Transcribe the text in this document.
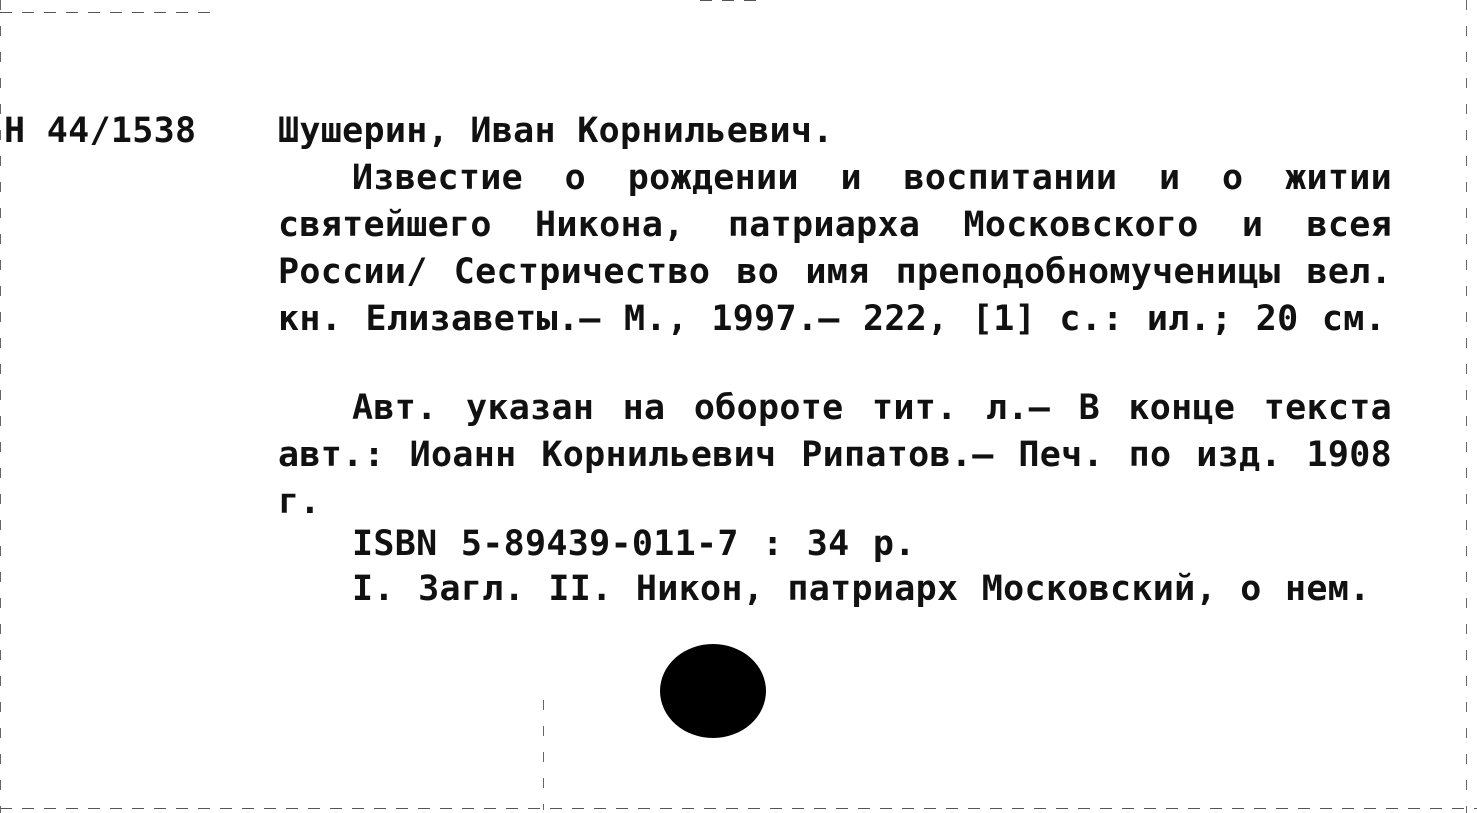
Н 44/1538 Шушерин, Иван Корнильевич.
Известие о рождении и воспитании и о житии святейшего Никона, патриарха Московского и всея России/ Сестричество во имя преподобномученицы вел. кн. Елизаветы.— М., 1997.— 222, [1] с.: ил.; 20 см.
Авт. указан на обороте тит. л.— В конце текста авт.: Иоанн Корнильевич Рипатов.— Печ. по изд. 1908 г.
ISBN 5-89439-011-7 : 34 р.
I. Загл. II. Никон, патриарх Московский, о нем.
